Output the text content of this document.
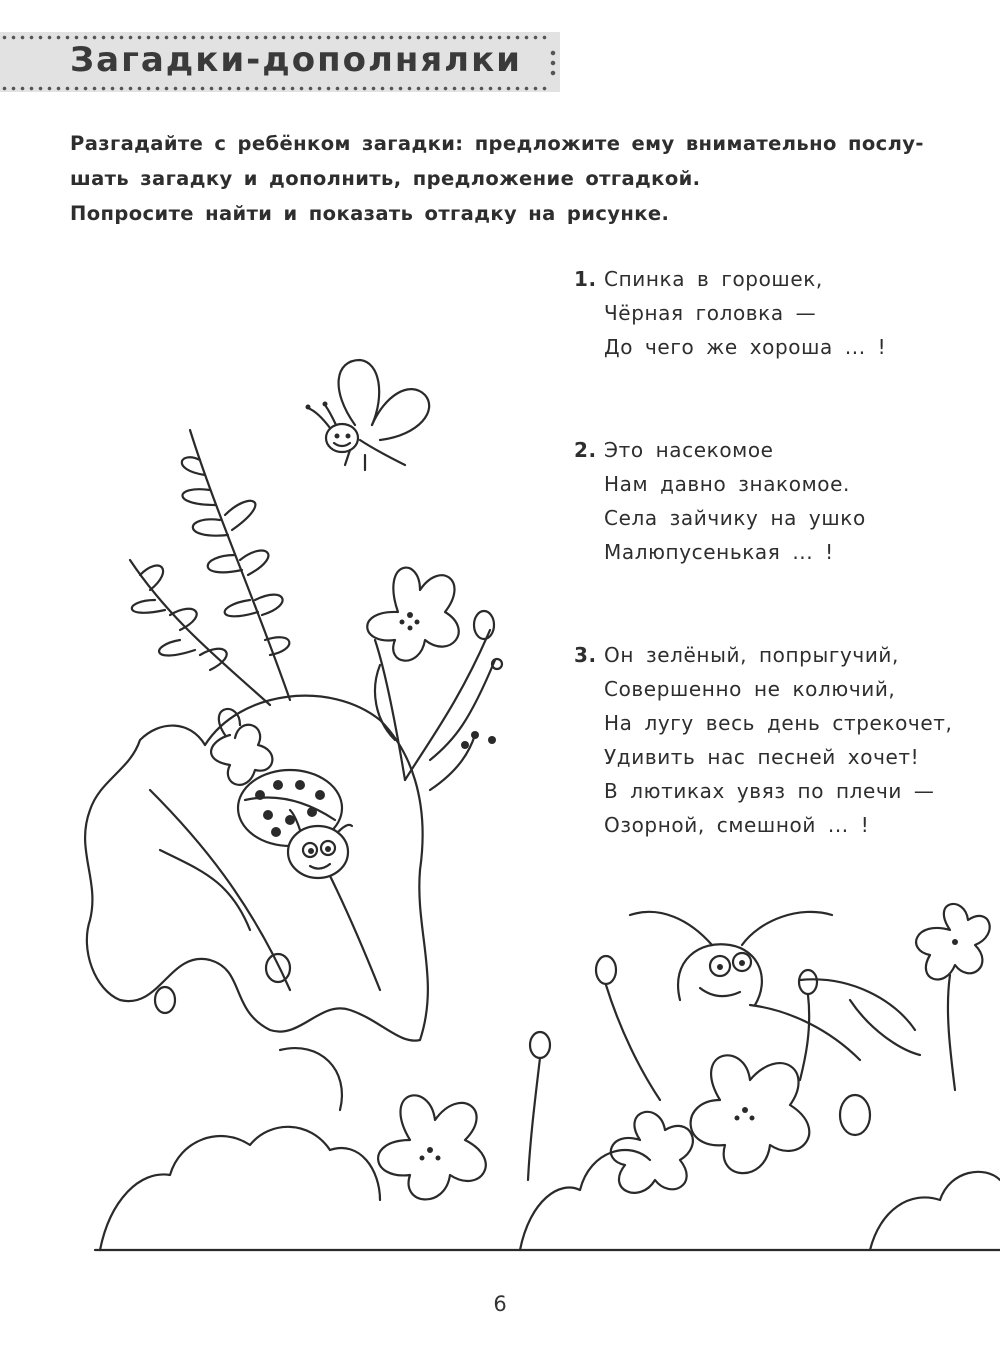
Загадки-дополнялки
Разгадайте с ребёнком загадки: предложите ему внимательно послу-
шать загадку и дополнить, предложение отгадкой.
Попросите найти и показать отгадку на рисунке.
1. Спинка в горошек,
Чёрная головка —
До чего же хороша ... !
2. Это насекомое
Нам давно знакомое.
Села зайчику на ушко
Малюпусенькая ... !
3. Он зелёный, попрыгучий,
Совершенно не колючий,
На лугу весь день стрекочет,
Удивить нас песней хочет!
В лютиках увяз по плечи —
Озорной, смешной ... !
6
